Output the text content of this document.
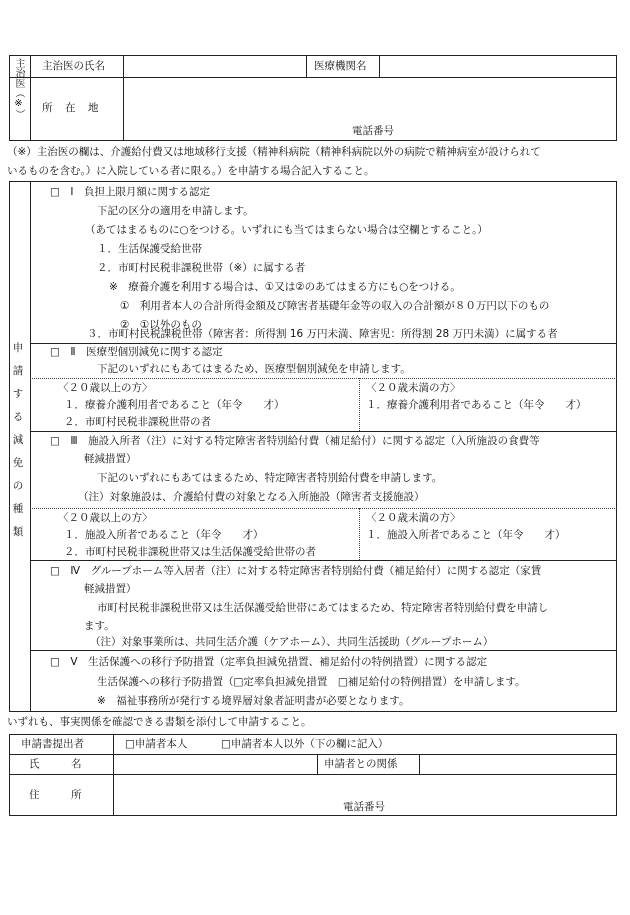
主治医（※） 主治医の氏名	医療機関名
所　在　地
電話番号
（※）主治医の欄は、介護給付費又は地域移行支援（精神科病院（精神科病院以外の病院で精神病室が設けられて
いるものを含む。）に入院している者に限る。）を申請する場合記入すること。
申
請
す
る
減
免
の
種
類
□　Ⅰ　負担上限月額に関する認定
下記の区分の適用を申請します。
（あてはまるものに○をつける。いずれにも当てはまらない場合は空欄とすること。）
１．生活保護受給世帯
２．市町村民税非課税世帯（※）に属する者
※　療養介護を利用する場合は、①又は②のあてはまる方にも○をつける。
①　利用者本人の合計所得金額及び障害者基礎年金等の収入の合計額が８０万円以下のもの
②　①以外のもの
３．市町村民税課税世帯（障害者：所得割 16 万円未満、障害児：所得割 28 万円未満）に属する者
□　Ⅱ　医療型個別減免に関する認定
下記のいずれにもあてはまるため、医療型個別減免を申請します。
〈２０歳以上の方〉
１．療養介護利用者であること（年令　　才）
２．市町村民税非課税世帯の者
〈２０歳未満の方〉
１．療養介護利用者であること（年令　　才）
□　Ⅲ　施設入所者（注）に対する特定障害者特別給付費（補足給付）に関する認定（入所施設の食費等
軽減措置）
下記のいずれにもあてはまるため、特定障害者特別給付費を申請します。
（注）対象施設は、介護給付費の対象となる入所施設（障害者支援施設）
〈２０歳以上の方〉
１．施設入所者であること（年令　　才）
２．市町村民税非課税世帯又は生活保護受給世帯の者
〈２０歳未満の方〉
１．施設入所者であること（年令　　才）
□　Ⅳ　グループホーム等入居者（注）に対する特定障害者特別給付費（補足給付）に関する認定（家賃
軽減措置）
市町村民税非課税世帯又は生活保護受給世帯にあてはまるため、特定障害者特別給付費を申請し
ます。
（注）対象事業所は、共同生活介護（ケアホーム）、共同生活援助（グループホーム）
□　Ⅴ　生活保護への移行予防措置（定率負担減免措置、補足給付の特例措置）に関する認定
生活保護への移行予防措置（□定率負担減免措置　□補足給付の特例措置）を申請します。
※　福祉事務所が発行する境界層対象者証明書が必要となります。
いずれも、事実関係を確認できる書類を添付して申請すること。
申請書提出者	□申請者本人	□申請者本人以外（下の欄に記入）
氏　　　名	申請者との関係
住　　　所
電話番号
